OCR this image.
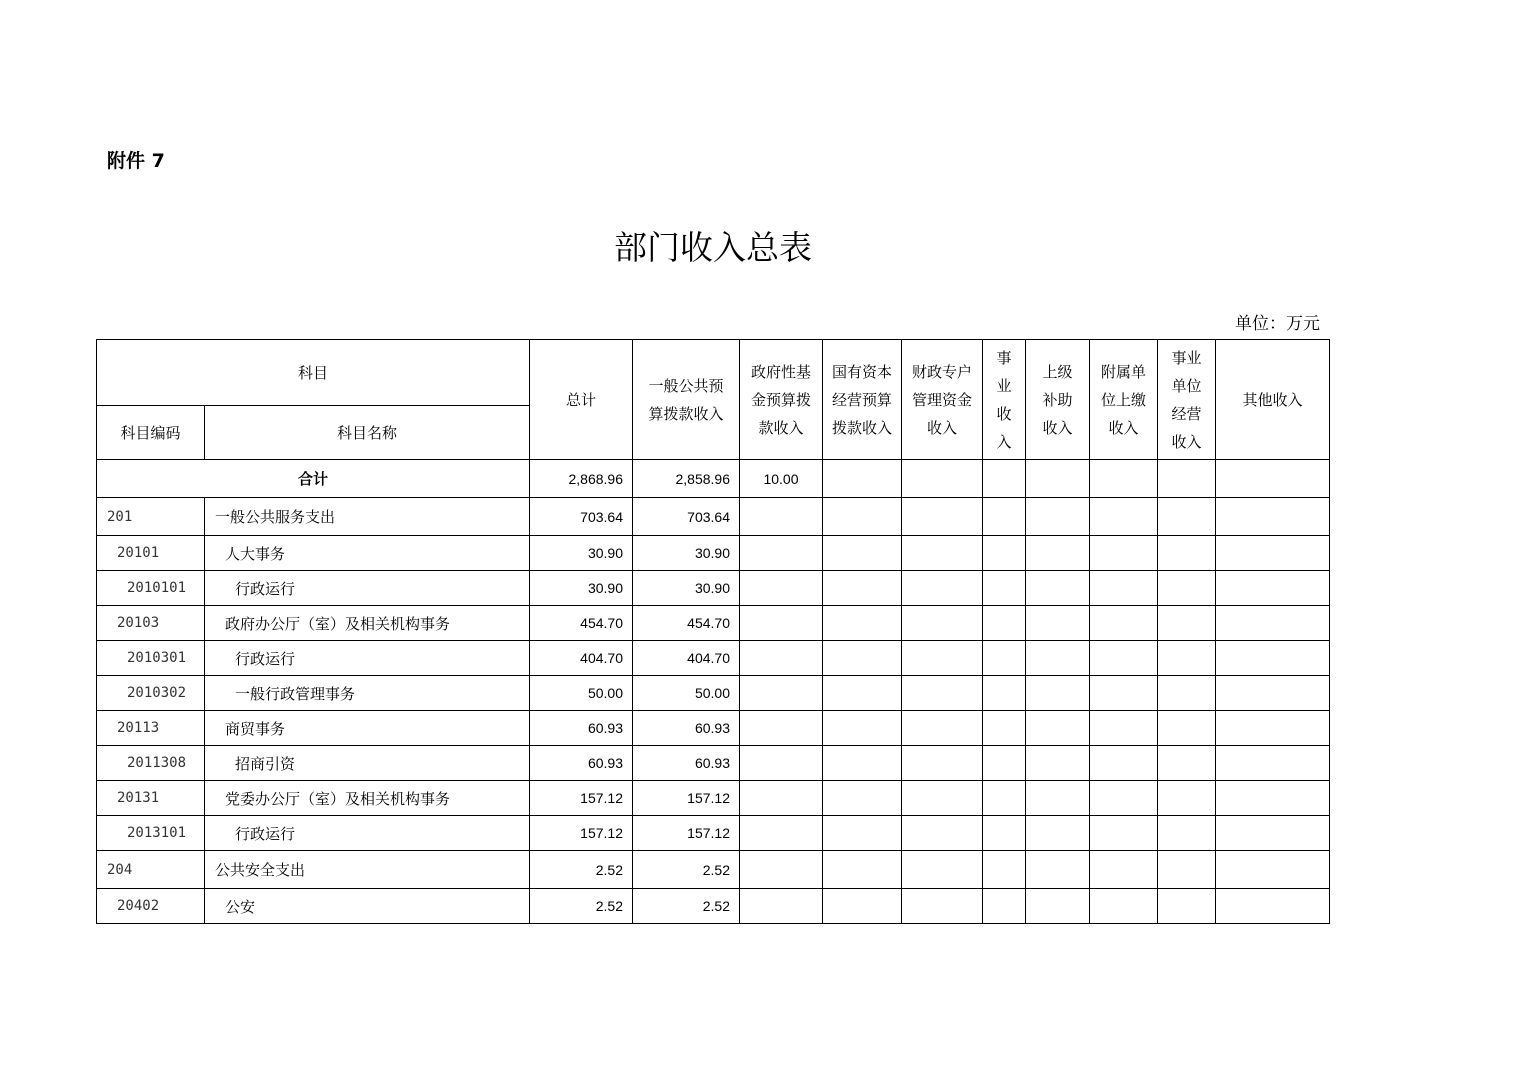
附件 7
部门收入总表
单位：万元
科目		总计	一般公共预算拨款收入	政府性基金预算拨款收入	国有资本经营预算拨款收入	财政专户管理资金收入	事业收入	上级补助收入	附属单位上缴收入	事业单位经营收入	其他收入
科目编码	科目名称										
合计		2,868.96	2,858.96	10.00							
201	一般公共服务支出	703.64	703.64								
20101	人大事务	30.90	30.90								
2010101	行政运行	30.90	30.90								
20103	政府办公厅（室）及相关机构事务	454.70	454.70								
2010301	行政运行	404.70	404.70								
2010302	一般行政管理事务	50.00	50.00								
20113	商贸事务	60.93	60.93								
2011308	招商引资	60.93	60.93								
20131	党委办公厅（室）及相关机构事务	157.12	157.12								
2013101	行政运行	157.12	157.12								
204	公共安全支出	2.52	2.52								
20402	公安	2.52	2.52								
